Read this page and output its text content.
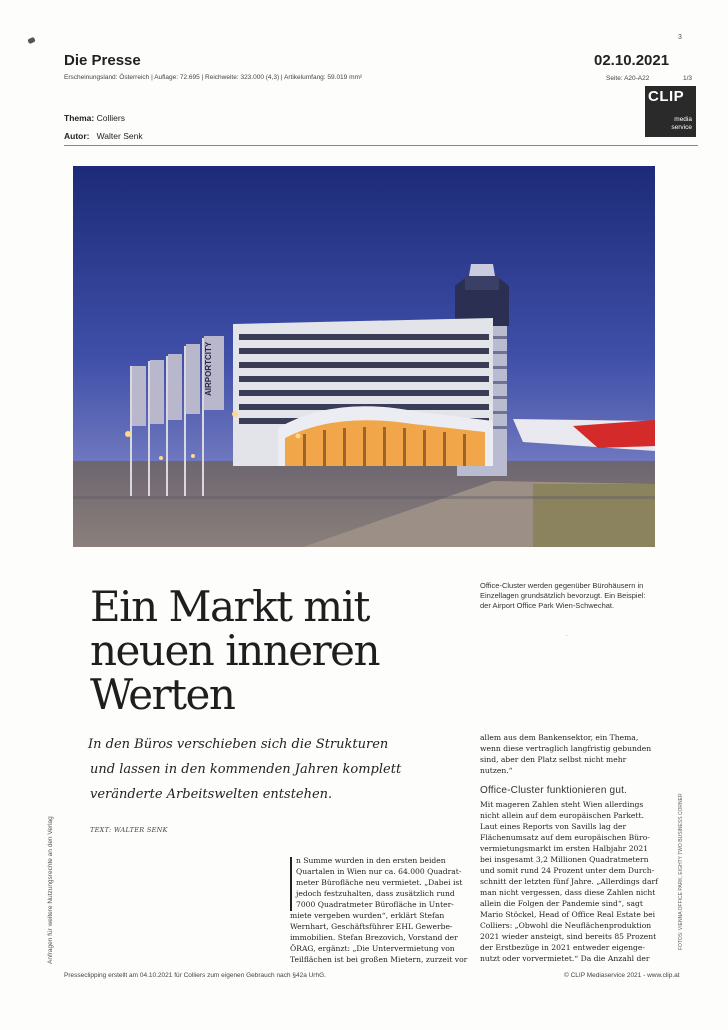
3
Die Presse
Erscheinungsland: Österreich | Auflage: 72.695 | Reichweite: 323.000 (4,3) | Artikelumfang: 59.019 mm²
02.10.2021
Seite: A20-A22	1/3
CLIP
media
service
Thema: Colliers
Autor: Walter Senk
AIRPORTCITY
Office-Cluster werden gegenüber Bürohäusern in
Einzellagen grundsätzlich bevorzugt. Ein Beispiel:
der Airport Office Park Wien-Schwechat.
·
Ein Markt mit
neuen inneren
Werten
In den Büros verschieben sich die Strukturen
und lassen in den kommenden Jahren komplett
veränderte Arbeitswelten entstehen.
TEXT: WALTER SENK
Anfragen für weitere Nutzungsrechte an den Verlag	FOTOS: VIENNA OFFICE PARK, EIGHTY TWO BUSINESS CORNER
n Summe wurden in den ersten beiden
Quartalen in Wien nur ca. 64.000 Quadrat-
meter Bürofläche neu vermietet. „Dabei ist
jedoch festzuhalten, dass zusätzlich rund
7000 Quadratmeter Bürofläche in Unter-
miete vergeben wurden“, erklärt Stefan
Wernhart, Geschäftsführer EHL Gewerbe-
immobilien. Stefan Brezovich, Vorstand der
ÖRAG, ergänzt: „Die Untervermietung von
Teilflächen ist bei großen Mietern, zurzeit vor
allem aus dem Bankensektor, ein Thema,
wenn diese vertraglich langfristig gebunden
sind, aber den Platz selbst nicht mehr
nutzen.“
Office-Cluster funktionieren gut.
Mit mageren Zahlen steht Wien allerdings
nicht allein auf dem europäischen Parkett.
Laut eines Reports von Savills lag der
Flächenumsatz auf dem europäischen Büro-
vermietungsmarkt im ersten Halbjahr 2021
bei insgesamt 3,2 Millionen Quadratmetern
und somit rund 24 Prozent unter dem Durch-
schnitt der letzten fünf Jahre. „Allerdings darf
man nicht vergessen, dass diese Zahlen nicht
allein die Folgen der Pandemie sind“, sagt
Mario Stöckel, Head of Office Real Estate bei
Colliers: „Obwohl die Neuflächenproduktion
2021 wieder ansteigt, sind bereits 85 Prozent
der Erstbezüge in 2021 entweder eigenge-
nutzt oder vorvermietet.“ Da die Anzahl der
Presseclipping erstellt am 04.10.2021 für Colliers zum eigenen Gebrauch nach §42a UrhG.	© CLIP Mediaservice 2021 - www.clip.at
